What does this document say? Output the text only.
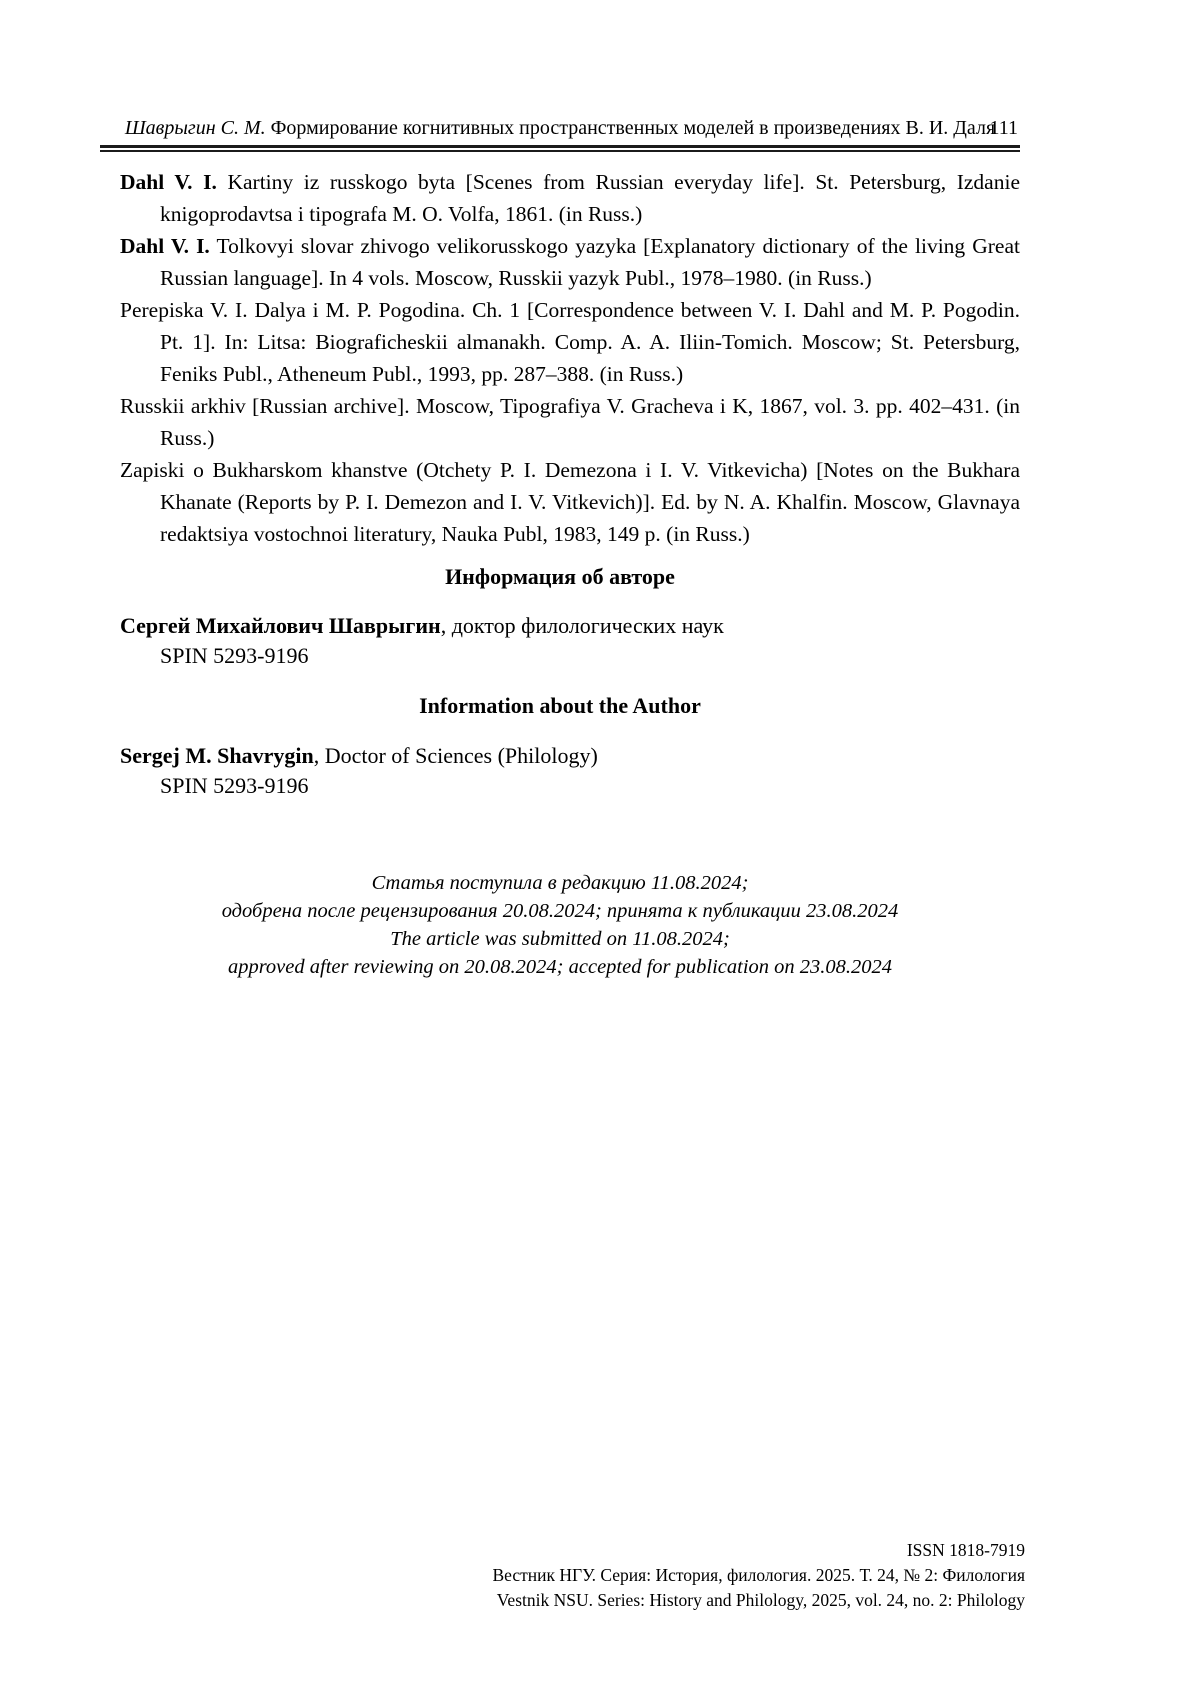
Шаврыгин С. М. Формирование когнитивных пространственных моделей в произведениях В. И. Даля
111

Dahl V. I. Kartiny iz russkogo byta [Scenes from Russian everyday life]. St. Petersburg, Izdanie knigoprodavtsa i tipografa M. O. Volfa, 1861. (in Russ.)

Dahl V. I. Tolkovyi slovar zhivogo velikorusskogo yazyka [Explanatory dictionary of the living Great Russian language]. In 4 vols. Moscow, Russkii yazyk Publ., 1978–1980. (in Russ.)

Perepiska V. I. Dalya i M. P. Pogodina. Ch. 1 [Correspondence between V. I. Dahl and M. P. Pogodin. Pt. 1]. In: Litsa: Biograficheskii almanakh. Comp. A. A. Iliin-Tomich. Moscow; St. Petersburg, Feniks Publ., Atheneum Publ., 1993, pp. 287–388. (in Russ.)

Russkii arkhiv [Russian archive]. Moscow, Tipografiya V. Gracheva i K, 1867, vol. 3. pp. 402–431. (in Russ.)

Zapiski o Bukharskom khanstve (Otchety P. I. Demezona i I. V. Vitkevicha) [Notes on the Bukhara Khanate (Reports by P. I. Demezon and I. V. Vitkevich)]. Ed. by N. A. Khalfin. Moscow, Glavnaya redaktsiya vostochnoi literatury, Nauka Publ, 1983, 149 p. (in Russ.)

Информация об авторе

Сергей Михайлович Шаврыгин, доктор филологических наук

SPIN 5293-9196

Information about the Author

Sergej M. Shavrygin, Doctor of Sciences (Philology)

SPIN 5293-9196

Статья поступила в редакцию 11.08.2024;

одобрена после рецензирования 20.08.2024; принята к публикации 23.08.2024

The article was submitted on 11.08.2024;

approved after reviewing on 20.08.2024; accepted for publication on 23.08.2024

ISSN 1818-7919
Вестник НГУ. Серия: История, филология. 2025. Т. 24, № 2: Филология
Vestnik NSU. Series: History and Philology, 2025, vol. 24, no. 2: Philology
